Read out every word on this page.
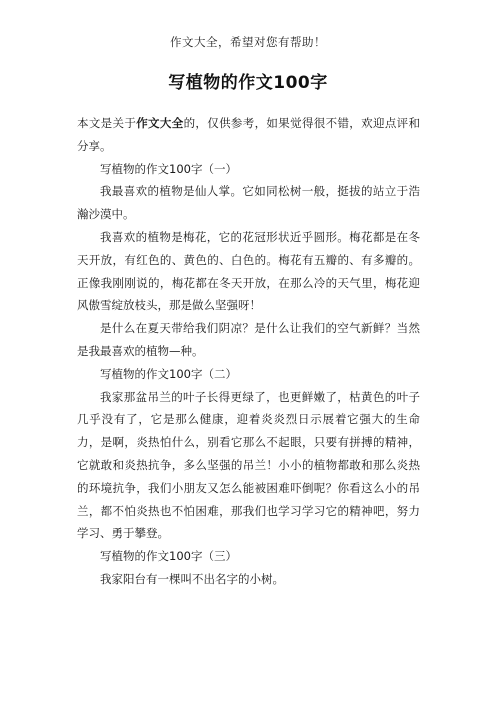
作文大全，希望对您有帮助！
写植物的作文100字

本文是关于作文大全的，仅供参考，如果觉得很不错，欢迎点评和分享。

写植物的作文100字（一）

我最喜欢的植物是仙人掌。它如同松树一般，挺拔的站立于浩瀚沙漠中。

我喜欢的植物是梅花，它的花冠形状近乎圆形。梅花都是在冬天开放，有红色的、黄色的、白色的。梅花有五瓣的、有多瓣的。正像我刚刚说的，梅花都在冬天开放，在那么冷的天气里，梅花迎风傲雪绽放枝头，那是做么坚强呀！

是什么在夏天带给我们阴凉？是什么让我们的空气新鲜？当然是我最喜欢的植物—种。

写植物的作文100字（二）

我家那盆吊兰的叶子长得更绿了，也更鲜嫩了，枯黄色的叶子几乎没有了，它是那么健康，迎着炎炎烈日示展着它强大的生命力，是啊，炎热怕什么，别看它那么不起眼，只要有拼搏的精神，它就敢和炎热抗争，多么坚强的吊兰！小小的植物都敢和那么炎热的环境抗争，我们小朋友又怎么能被困难吓倒呢？你看这么小的吊兰，都不怕炎热也不怕困难，那我们也学习学习它的精神吧，努力学习、勇于攀登。

写植物的作文100字（三）

我家阳台有一棵叫不出名字的小树。
